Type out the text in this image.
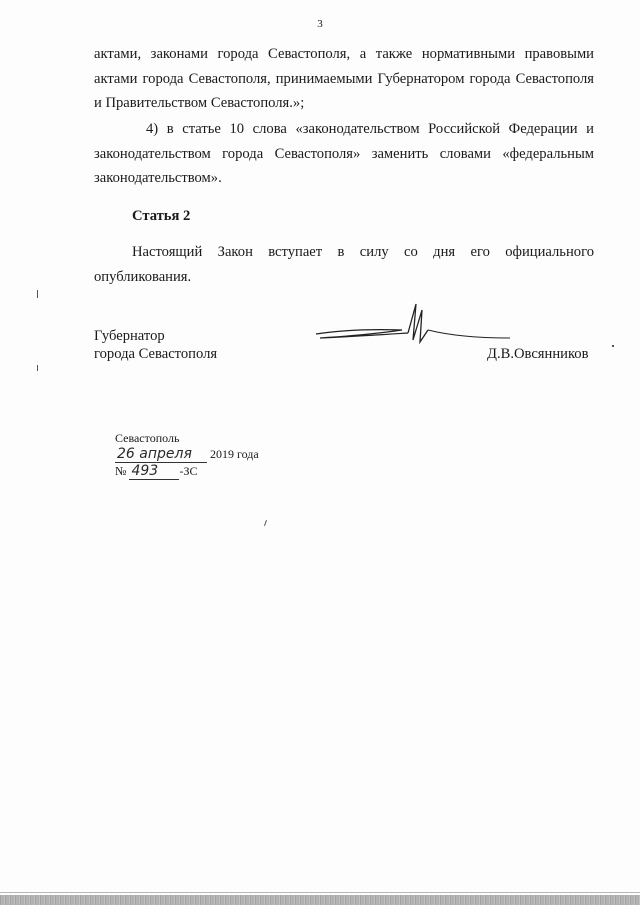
3
актами, законами города Севастополя, а также нормативными правовыми актами города Севастополя, принимаемыми Губернатором города Севастополя и Правительством Севастополя.»;
4) в статье 10 слова «законодательством Российской Федерации и законодательством города Севастополя» заменить словами «федеральным законодательством».
Статья 2
Настоящий Закон вступает в силу со дня его официального опубликования.
Губернатор
города Севастополя	Д.В.Овсянников
Севастополь
26 апреля 2019 года
№ 493 -ЗС
